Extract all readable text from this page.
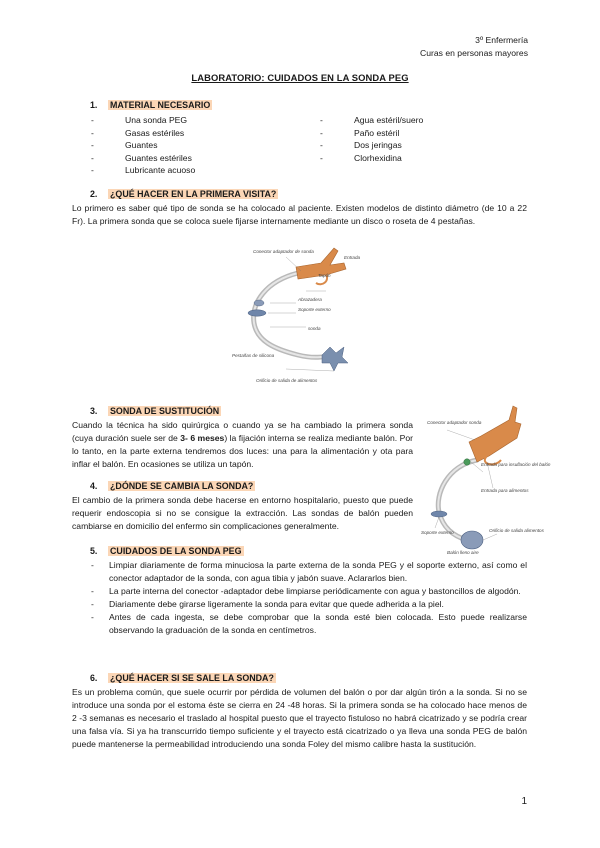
3º Enfermería
Curas en personas mayores
LABORATORIO: CUIDADOS EN LA SONDA PEG
1. MATERIAL NECESARIO
- Una sonda PEG
- Gasas estériles
- Guantes
- Guantes estériles
- Lubricante acuoso
- Agua estéril/suero
- Paño estéril
- Dos jeringas
- Clorhexidina
2. ¿QUÉ HACER EN LA PRIMERA VISITA?
Lo primero es saber qué tipo de sonda se ha colocado al paciente. Existen modelos de distinto diámetro (de 10 a 22 Fr). La primera sonda que se coloca suele fijarse internamente mediante un disco o roseta de 4 pestañas.
Conector adaptador de sonda
Entrada
Tapón
Abrazadera
Soporte externo
sonda
Pestañas de silicona
Orificio de salida de alimentos
3. SONDA DE SUSTITUCIÓN
Cuando la técnica ha sido quirúrgica o cuando ya se ha cambiado la primera sonda (cuya duración suele ser de 3- 6 meses) la fijación interna se realiza mediante balón. Por lo tanto, en la parte externa tendremos dos luces: una para la alimentación y ota para inflar el balón. En ocasiones se utiliza un tapón.
Conector adaptador sonda
Entrada para insuflación del balón
Entrada para alimentos
Soporte externo	Orificio de salida alimentos
Balón lleno aire
4. ¿DÓNDE SE CAMBIA LA SONDA?
El cambio de la primera sonda debe hacerse en entorno hospitalario, puesto que puede requerir endoscopia si no se consigue la extracción. Las sondas de balón pueden cambiarse en domicilio del enfermo sin complicaciones generalmente.
5. CUIDADOS DE LA SONDA PEG
- Limpiar diariamente de forma minuciosa la parte externa de la sonda PEG y el soporte externo, así como el conector adaptador de la sonda, con agua tibia y jabón suave. Aclararlos bien.
- La parte interna del conector -adaptador debe limpiarse periódicamente con agua y bastoncillos de algodón.
- Diariamente debe girarse ligeramente la sonda para evitar que quede adherida a la piel.
- Antes de cada ingesta, se debe comprobar que la sonda esté bien colocada. Esto puede realizarse observando la graduación de la sonda en centímetros.
6. ¿QUÉ HACER SI SE SALE LA SONDA?
Es un problema común, que suele ocurrir por pérdida de volumen del balón o por dar algún tirón a la sonda. Si no se introduce una sonda por el estoma éste se cierra en 24 -48 horas. Si la primera sonda se ha colocado hace menos de 2 -3 semanas es necesario el traslado al hospital puesto que el trayecto fistuloso no habrá cicatrizado y se podría crear una falsa vía. Si ya ha transcurrido tiempo suficiente y el trayecto está cicatrizado o ya lleva una sonda PEG de balón puede mantenerse la permeabilidad introduciendo una sonda Foley del mismo calibre hasta la sustitución.
1
